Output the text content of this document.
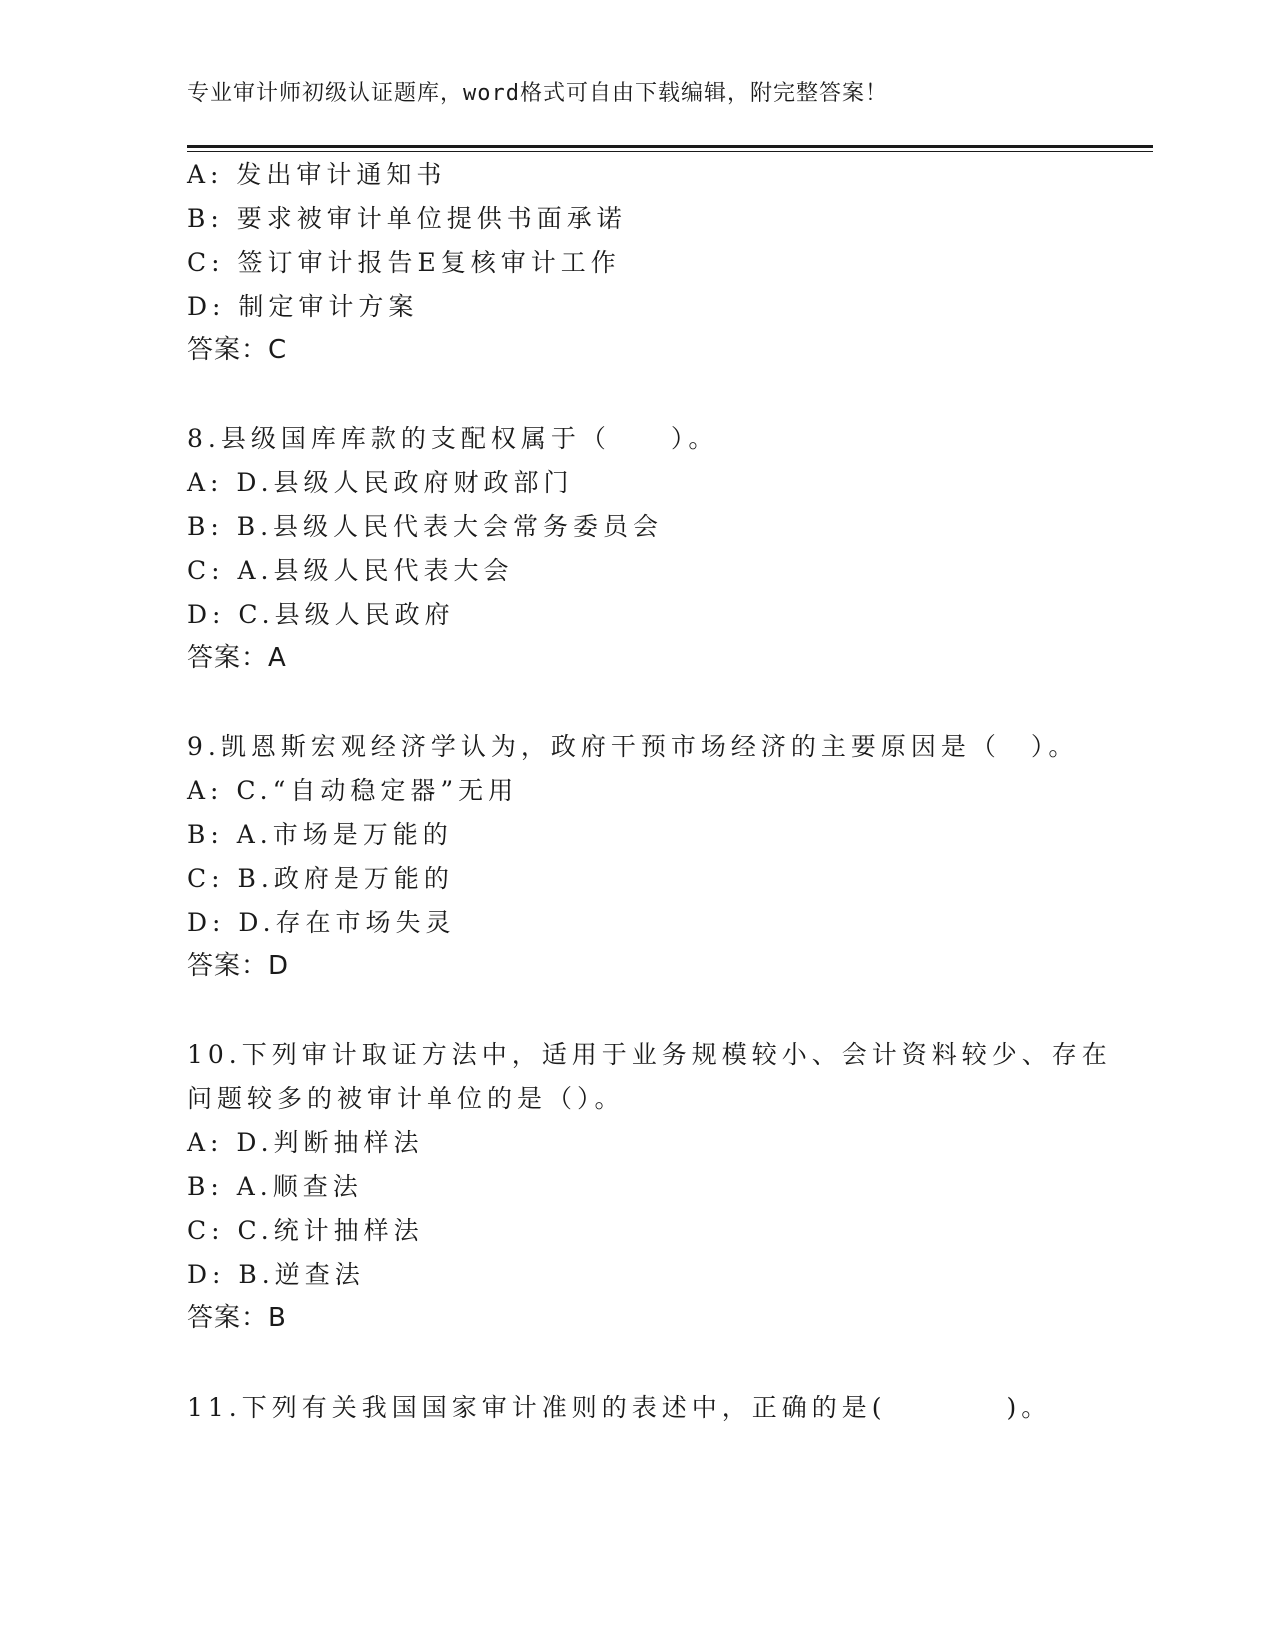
专业审计师初级认证题库，word格式可自由下载编辑，附完整答案！
A: 发出审计通知书
B: 要求被审计单位提供书面承诺
C: 签订审计报告E复核审计工作
D: 制定审计方案
答案：C
8.县级国库库款的支配权属于（　　）。
A: D.县级人民政府财政部门
B: B.县级人民代表大会常务委员会
C: A.县级人民代表大会
D: C.县级人民政府
答案：A
9.凯恩斯宏观经济学认为，政府干预市场经济的主要原因是（　）。
A: C.“自动稳定器”无用
B: A.市场是万能的
C: B.政府是万能的
D: D.存在市场失灵
答案：D
10.下列审计取证方法中，适用于业务规模较小、会计资料较少、存在
问题较多的被审计单位的是（）。
A: D.判断抽样法
B: A.顺查法
C: C.统计抽样法
D: B.逆查法
答案：B
11.下列有关我国国家审计准则的表述中，正确的是(　　　　)。
